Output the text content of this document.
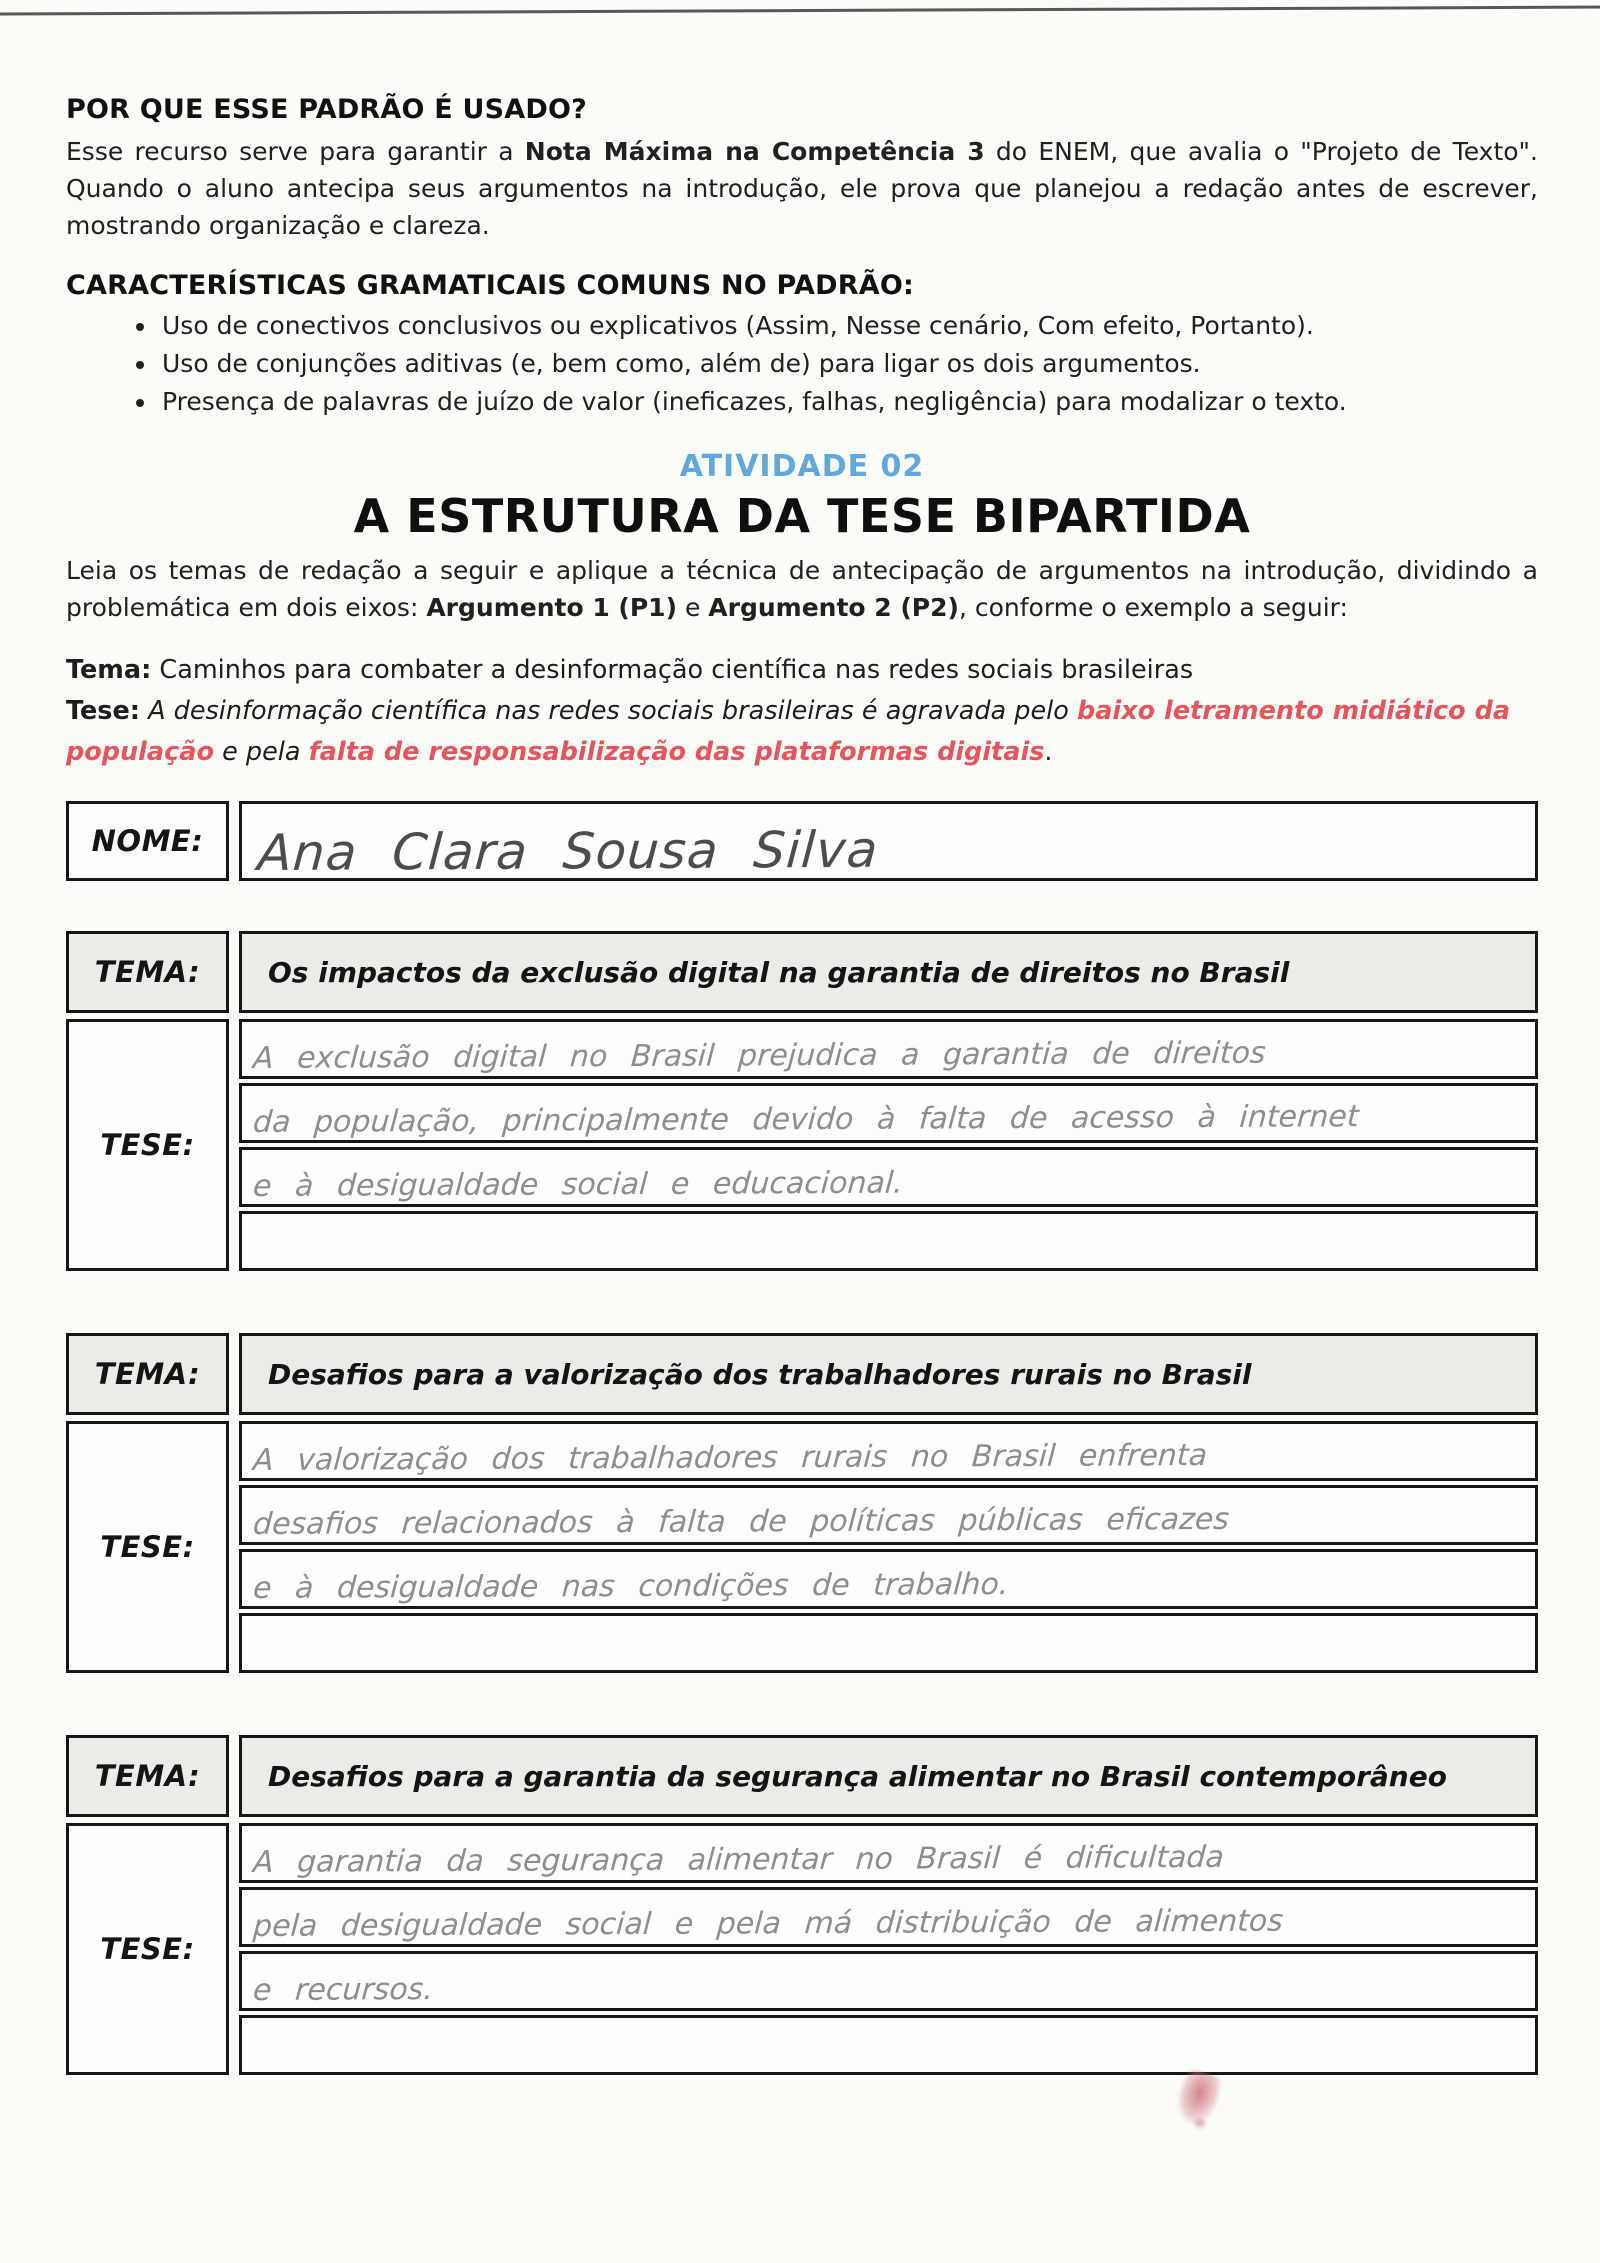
POR QUE ESSE PADRÃO É USADO?

Esse recurso serve para garantir a Nota Máxima na Competência 3 do ENEM, que avalia o "Projeto de Texto". Quando o aluno antecipa seus argumentos na introdução, ele prova que planejou a redação antes de escrever, mostrando organização e clareza.

CARACTERÍSTICAS GRAMATICAIS COMUNS NO PADRÃO:
• Uso de conectivos conclusivos ou explicativos (Assim, Nesse cenário, Com efeito, Portanto).
• Uso de conjunções aditivas (e, bem como, além de) para ligar os dois argumentos.
• Presença de palavras de juízo de valor (ineficazes, falhas, negligência) para modalizar o texto.
ATIVIDADE 02
A ESTRUTURA DA TESE BIPARTIDA

Leia os temas de redação a seguir e aplique a técnica de antecipação de argumentos na introdução, dividindo a problemática em dois eixos: Argumento 1 (P1) e Argumento 2 (P2), conforme o exemplo a seguir:

Tema: Caminhos para combater a desinformação científica nas redes sociais brasileiras
Tese: A desinformação científica nas redes sociais brasileiras é agravada pelo baixo letramento midiático da população e pela falta de responsabilização das plataformas digitais.
NOME:	Ana Clara Sousa Silva
TEMA:	Os impactos da exclusão digital na garantia de direitos no Brasil
TESE:
A exclusão digital no Brasil prejudica a garantia de direitos
da população, principalmente devido à falta de acesso à internet
e à desigualdade social e educacional.
TEMA:	Desafios para a valorização dos trabalhadores rurais no Brasil
TESE:
A valorização dos trabalhadores rurais no Brasil enfrenta
desafios relacionados à falta de políticas públicas eficazes
e à desigualdade nas condições de trabalho.
TEMA:	Desafios para a garantia da segurança alimentar no Brasil contemporâneo
TESE:
A garantia da segurança alimentar no Brasil é dificultada
pela desigualdade social e pela má distribuição de alimentos
e recursos.
